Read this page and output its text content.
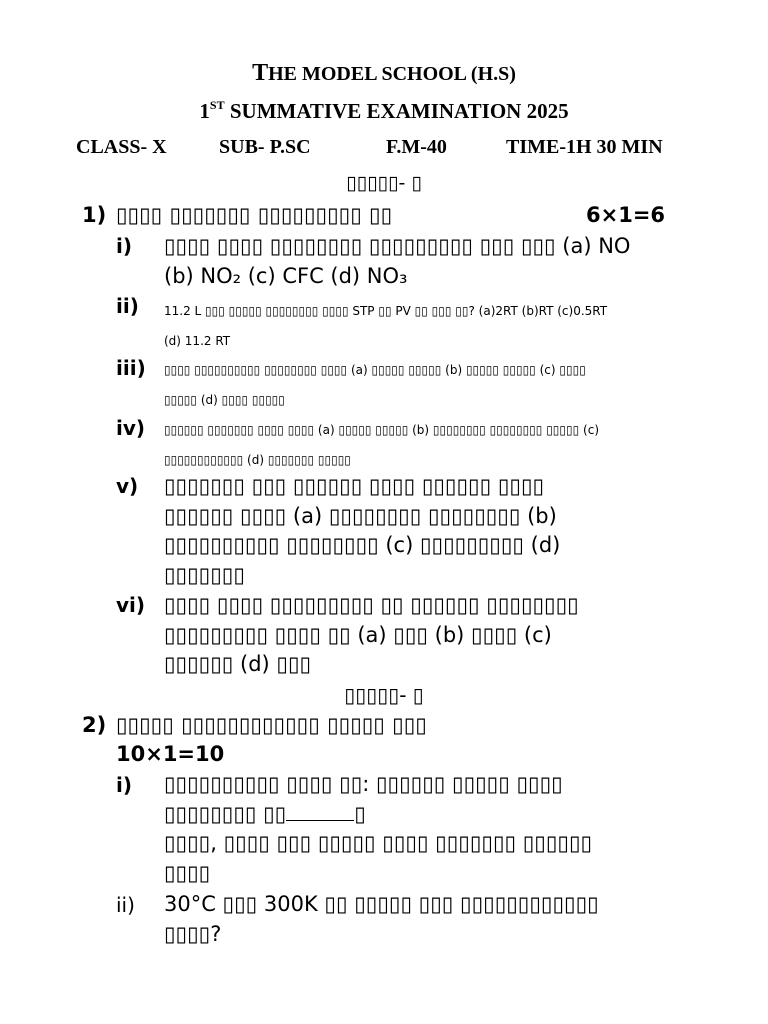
THE MODEL SCHOOL (H.S)
1ST SUMMATIVE EXAMINATION 2025
CLASS- X	SUB- P.SC	F.M-40	TIME-1H 30 MIN
▯▯▯▯▯- ▯
1) ▯▯▯▯ ▯▯▯▯▯▯▯ ▯▯▯▯▯▯▯▯▯ ▯▯	6×1=6
i) ▯▯▯▯ ▯▯▯▯ ▯▯▯▯▯▯▯▯ ▯▯▯▯▯▯▯▯▯ ▯▯▯ ▯▯▯ (a) NO
(b) NO₂ (c) CFC (d) NO₃
ii) 11.2 L ▯▯▯ ▯▯▯▯▯ ▯▯▯▯▯▯▯▯ ▯▯▯▯ STP ▯▯ PV ▯▯ ▯▯▯ ▯▯? (a)2RT (b)RT (c)0.5RT
(d) 11.2 RT
iii) ▯▯▯▯ ▯▯▯▯▯▯▯▯▯▯ ▯▯▯▯▯▯▯▯ ▯▯▯▯ (a) ▯▯▯▯▯ ▯▯▯▯▯ (b) ▯▯▯▯▯ ▯▯▯▯▯ (c) ▯▯▯▯
▯▯▯▯▯ (d) ▯▯▯▯ ▯▯▯▯▯
iv) ▯▯▯▯▯▯ ▯▯▯▯▯▯▯ ▯▯▯▯ ▯▯▯▯ (a) ▯▯▯▯▯ ▯▯▯▯▯ (b) ▯▯▯▯▯▯▯▯ ▯▯▯▯▯▯▯▯ ▯▯▯▯▯ (c)
▯▯▯▯▯▯▯▯▯▯▯▯ (d) ▯▯▯▯▯▯▯ ▯▯▯▯▯
v) ▯▯▯▯▯▯▯ ▯▯▯ ▯▯▯▯▯▯ ▯▯▯▯ ▯▯▯▯▯▯ ▯▯▯▯
▯▯▯▯▯▯ ▯▯▯▯ (a) ▯▯▯▯▯▯▯▯ ▯▯▯▯▯▯▯▯ (b)
▯▯▯▯▯▯▯▯▯▯ ▯▯▯▯▯▯▯▯ (c) ▯▯▯▯▯▯▯▯▯ (d)
▯▯▯▯▯▯▯
vi) ▯▯▯▯ ▯▯▯▯ ▯▯▯▯▯▯▯▯▯ ▯▯ ▯▯▯▯▯▯ ▯▯▯▯▯▯▯▯
▯▯▯▯▯▯▯▯▯ ▯▯▯▯ ▯▯ (a) ▯▯▯ (b) ▯▯▯▯ (c)
▯▯▯▯▯▯ (d) ▯▯▯
▯▯▯▯▯- ▯
2) ▯▯▯▯▯ ▯▯▯▯▯▯▯▯▯▯▯▯ ▯▯▯▯▯ ▯▯▯
10×1=10
i) ▯▯▯▯▯▯▯▯▯▯ ▯▯▯▯ ▯▯: ▯▯▯▯▯▯ ▯▯▯▯▯ ▯▯▯▯
▯▯▯▯▯▯▯▯ ▯▯	▯
▯▯▯▯, ▯▯▯▯ ▯▯▯ ▯▯▯▯▯ ▯▯▯▯ ▯▯▯▯▯▯▯ ▯▯▯▯▯▯
▯▯▯▯
ii) 30°C ▯▯▯ 300K ▯▯ ▯▯▯▯▯ ▯▯▯ ▯▯▯▯▯▯▯▯▯▯▯▯
▯▯▯▯?
